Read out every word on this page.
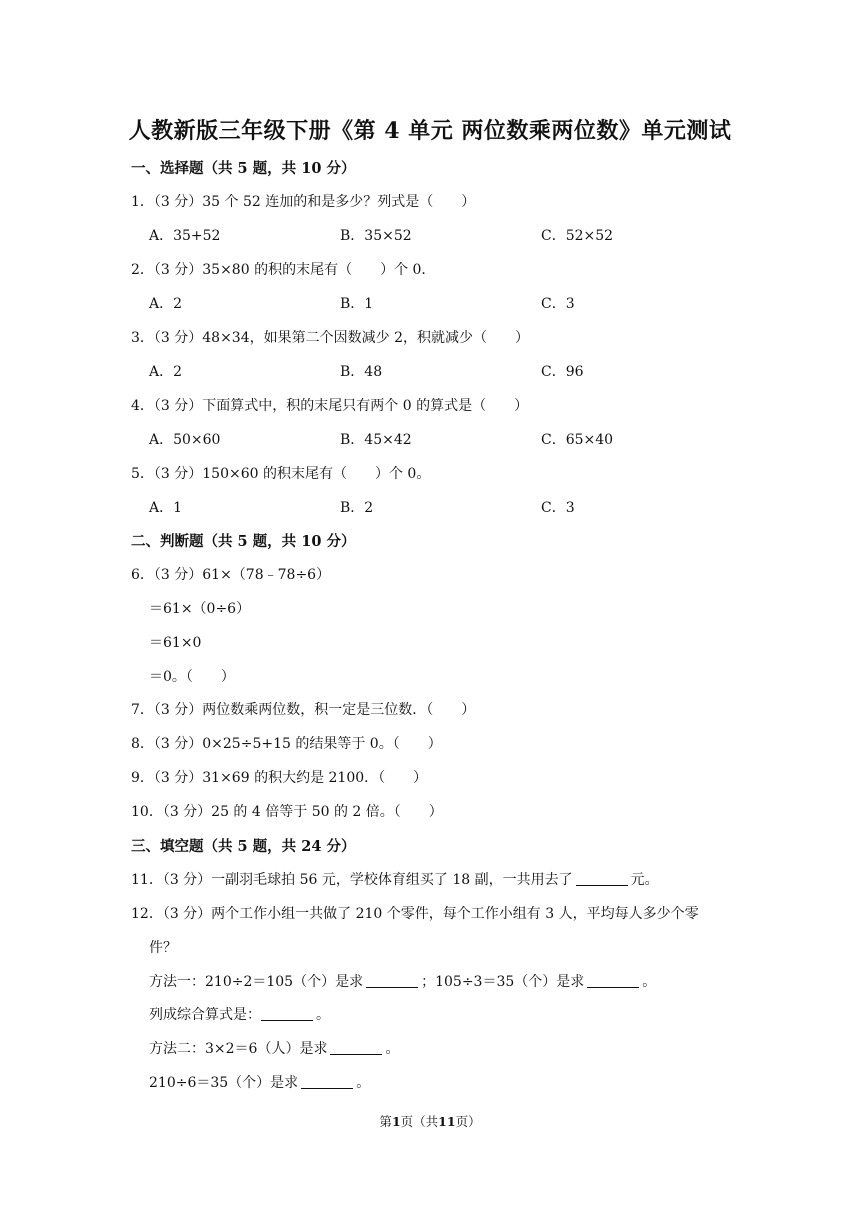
人教新版三年级下册《第 4 单元 两位数乘两位数》单元测试
一、选择题（共 5 题，共 10 分）
1．（3 分）35 个 52 连加的和是多少？列式是（　　）
A．35+52	B．35×52	C．52×52
2．（3 分）35×80 的积的末尾有（　　）个 0．
A．2	B．1	C．3
3．（3 分）48×34，如果第二个因数减少 2，积就减少（　　）
A．2	B．48	C．96
4．（3 分）下面算式中，积的末尾只有两个 0 的算式是（　　）
A．50×60	B．45×42	C．65×40
5．（3 分）150×60 的积末尾有（　　）个 0。
A．1	B．2	C．3
二、判断题（共 5 题，共 10 分）
6．（3 分）61×（78﹣78÷6）
＝61×（0÷6）
＝61×0
＝0。（　　）
7．（3 分）两位数乘两位数，积一定是三位数．（　　）
8．（3 分）0×25÷5+15 的结果等于 0。（　　）
9．（3 分）31×69 的积大约是 2100．（　　）
10．（3 分）25 的 4 倍等于 50 的 2 倍。（　　）
三、填空题（共 5 题，共 24 分）
11．（3 分）一副羽毛球拍 56 元，学校体育组买了 18 副，一共用去了	元。
12．（3 分）两个工作小组一共做了 210 个零件，每个工作小组有 3 人，平均每人多少个零
件？
方法一：210÷2＝105（个）是求	；105÷3＝35（个）是求	。
列成综合算式是：	。
方法二：3×2＝6（人）是求	。
210÷6＝35（个）是求	。
第1页（共11页）
